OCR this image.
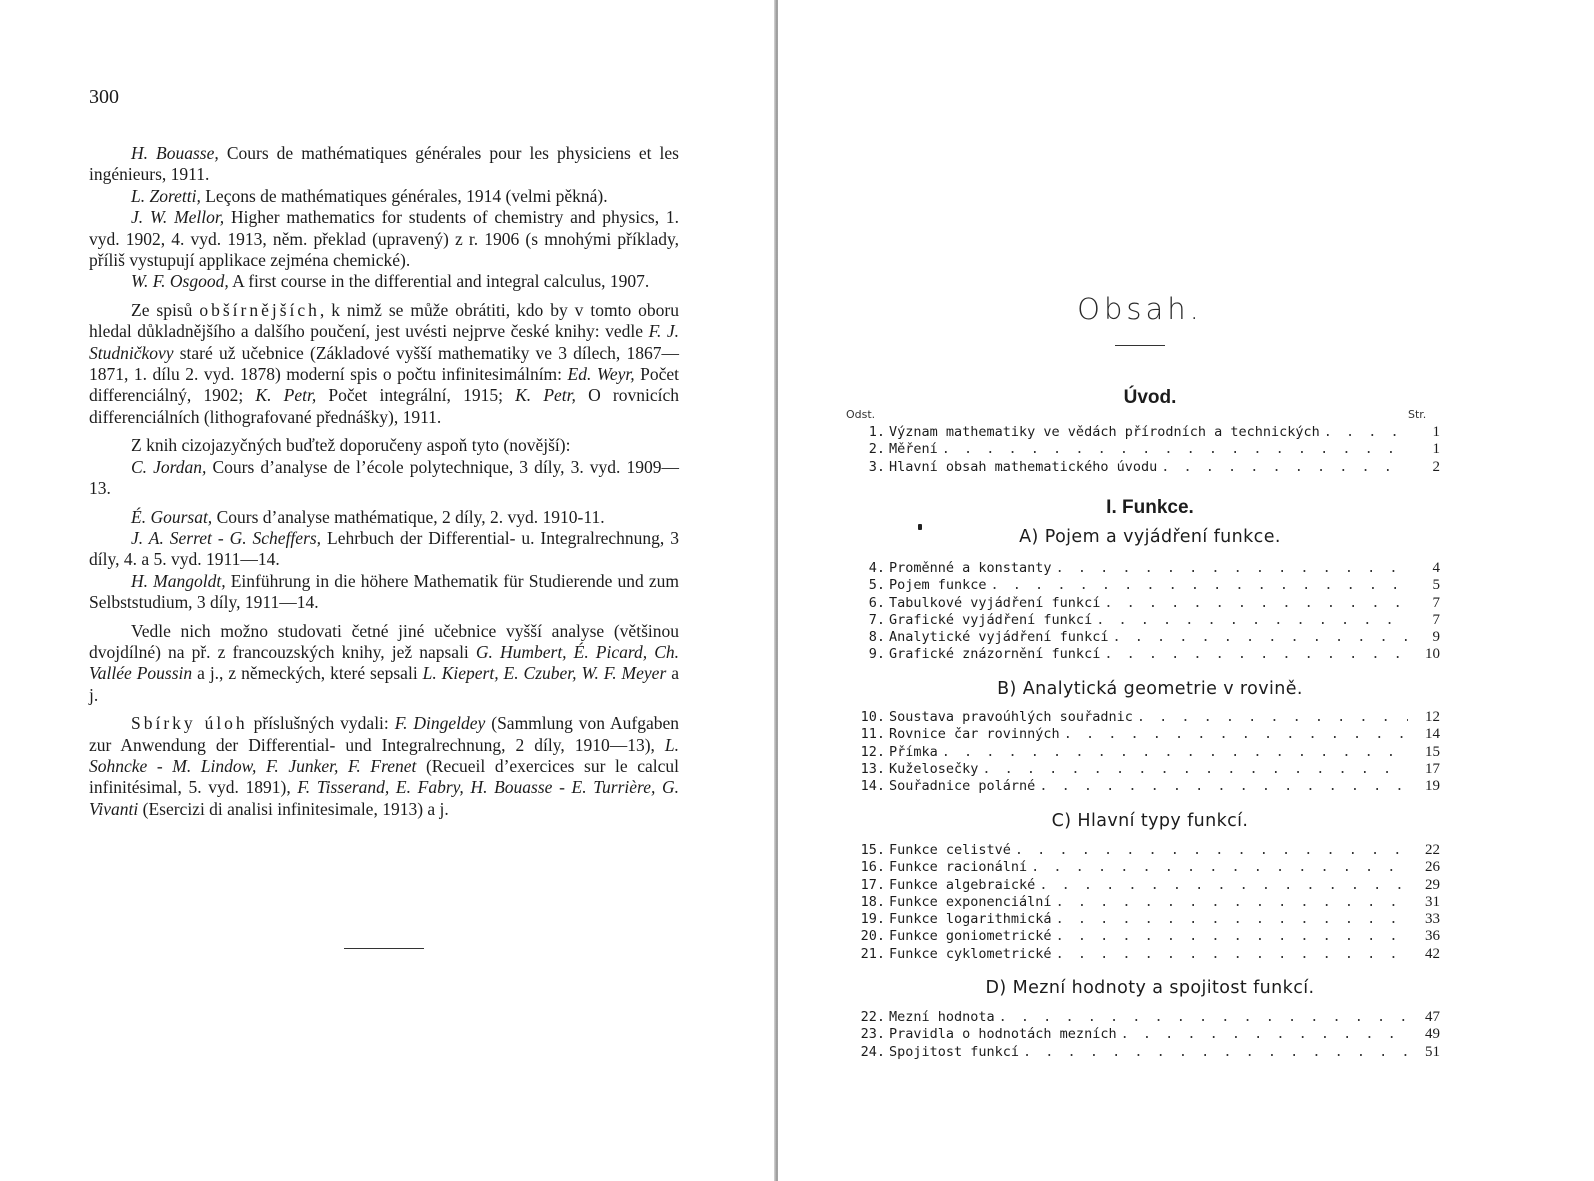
300

H. Bouasse, Cours de mathématiques générales pour les physiciens et les ingénieurs, 1911.

L. Zoretti, Leçons de mathématiques générales, 1914 (velmi pěkná).

J. W. Mellor, Higher mathematics for students of chemistry and physics, 1. vyd. 1902, 4. vyd. 1913, něm. překlad (upravený) z r. 1906 (s mnohými příklady, příliš vystupují applikace zejména chemické).

W. F. Osgood, A first course in the differential and integral calculus, 1907.

Ze spisů obšírnějších, k nimž se může obrátiti, kdo by v tomto oboru hledal důkladnějšího a dalšího poučení, jest uvésti nejprve české knihy: vedle F. J. Studničkovy staré už učebnice (Základové vyšší mathematiky ve 3 dílech, 1867—1871, 1. dílu 2. vyd. 1878) moderní spis o počtu infinitesimálním: Ed. Weyr, Počet differenciálný, 1902; K. Petr, Počet integrální, 1915; K. Petr, O rovnicích differenciálních (lithografované přednášky), 1911.

Z knih cizojazyčných buďtež doporučeny aspoň tyto (novější):

C. Jordan, Cours d’analyse de l’école polytechnique, 3 díly, 3. vyd. 1909—13.

É. Goursat, Cours d’analyse mathématique, 2 díly, 2. vyd. 1910-11.

J. A. Serret - G. Scheffers, Lehrbuch der Differential- u. Integralrechnung, 3 díly, 4. a 5. vyd. 1911—14.

H. Mangoldt, Einführung in die höhere Mathematik für Studierende und zum Selbststudium, 3 díly, 1911—14.

Vedle nich možno studovati četné jiné učebnice vyšší analyse (většinou dvojdílné) na př. z francouzských knihy, jež napsali G. Humbert, É. Picard, Ch. Vallée Poussin a j., z německých, které sepsali L. Kiepert, E. Czuber, W. F. Meyer a j.

Sbírky úloh příslušných vydali: F. Dingeldey (Sammlung von Aufgaben zur Anwendung der Differential- und Integralrechnung, 2 díly, 1910—13), L. Sohncke - M. Lindow, F. Junker, F. Frenet (Recueil d’exercices sur le calcul infinitésimal, 5. vyd. 1891), F. Tisserand, E. Fabry, H. Bouasse - E. Turrière, G. Vivanti (Esercizi di analisi infinitesimale, 1913) a j.

Obsah.
Úvod.
Odst.	Str.
1. Význam mathematiky ve vědách přírodních a technických . . .	1
2. Měření . . .	1
3. Hlavní obsah mathematického úvodu . . .	2
I. Funkce.
A) Pojem a vyjádření funkce.
4. Proměnné a konstanty . . .	4
5. Pojem funkce . . .	5
6. Tabulkové vyjádření funkcí . . .	7
7. Grafické vyjádření funkcí . . .	7
8. Analytické vyjádření funkcí . . .	9
9. Grafické znázornění funkcí . . .	10
B) Analytická geometrie v rovině.
10. Soustava pravoúhlých souřadnic . . .	12
11. Rovnice čar rovinných . . .	14
12. Přímka . . .	15
13. Kuželosečky . . .	17
14. Souřadnice polárné . . .	19
C) Hlavní typy funkcí.
15. Funkce celistvé . . .	22
16. Funkce racionální . . .	26
17. Funkce algebraické . . .	29
18. Funkce exponenciální . . .	31
19. Funkce logarithmická . . .	33
20. Funkce goniometrické . . .	36
21. Funkce cyklometrické . . .	42
D) Mezní hodnoty a spojitost funkcí.
22. Mezní hodnota . . .	47
23. Pravidla o hodnotách mezních . . .	49
24. Spojitost funkcí . . .	51
